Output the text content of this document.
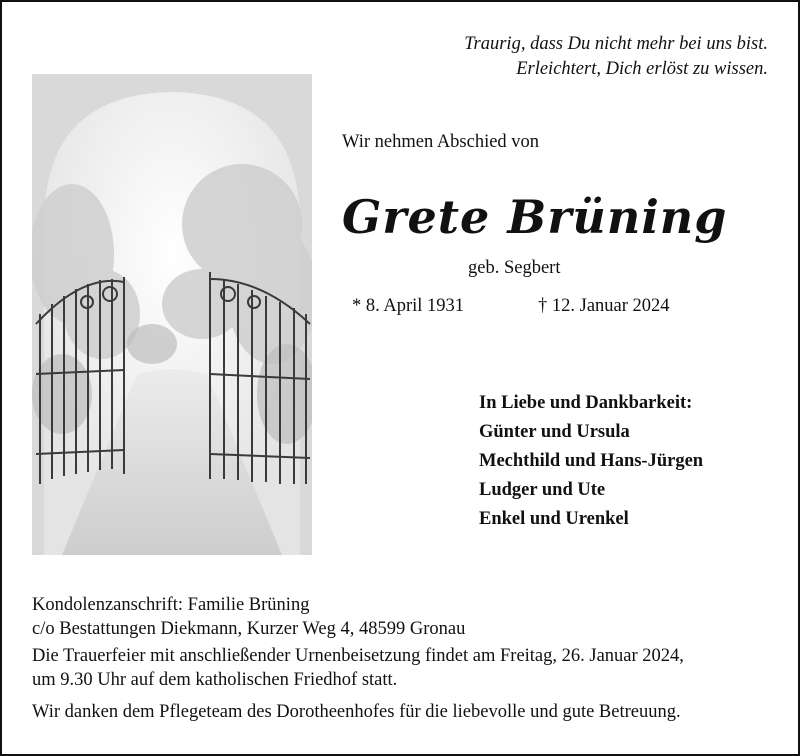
Traurig, dass Du nicht mehr bei uns bist.
Erleichtert, Dich erlöst zu wissen.
Wir nehmen Abschied von
Grete Brüning
geb. Segbert
* 8. April 1931	† 12. Januar 2024
In Liebe und Dankbarkeit:
Günter und Ursula
Mechthild und Hans-Jürgen
Ludger und Ute
Enkel und Urenkel
Kondolenzanschrift: Familie Brüning
c/o Bestattungen Diekmann, Kurzer Weg 4, 48599 Gronau
Die Trauerfeier mit anschließender Urnenbeisetzung findet am Freitag, 26. Januar 2024,
um 9.30 Uhr auf dem katholischen Friedhof statt.
Wir danken dem Pflegeteam des Dorotheenhofes für die liebevolle und gute Betreuung.
